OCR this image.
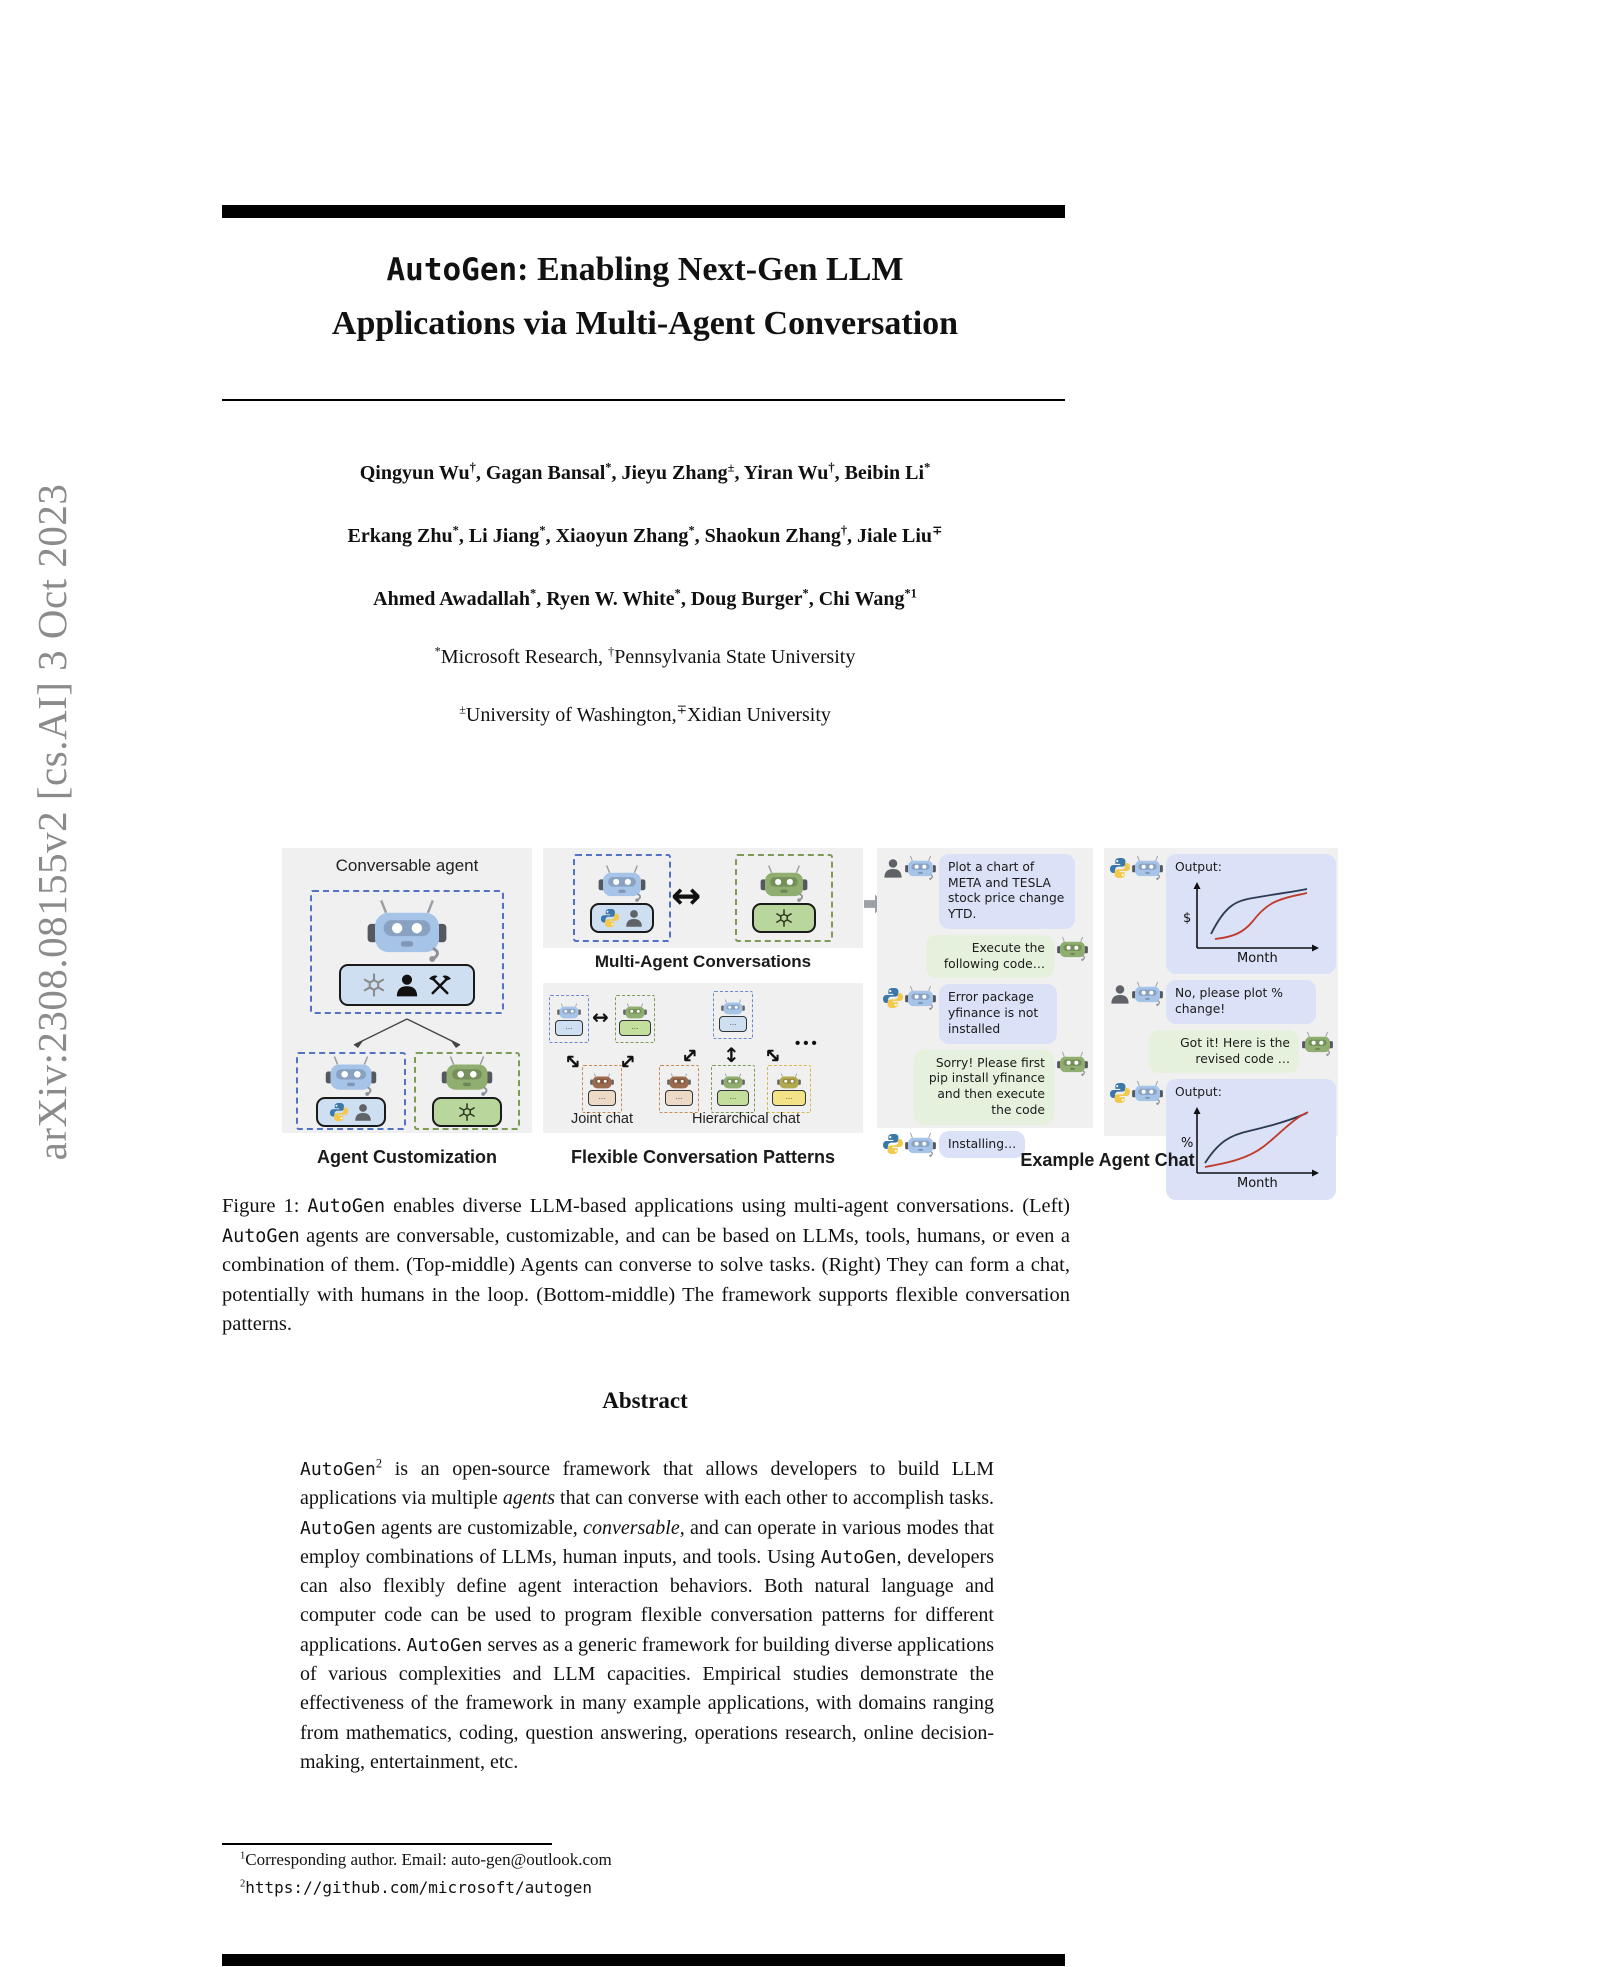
arXiv:2308.08155v2 [cs.AI] 3 Oct 2023
AutoGen: Enabling Next-Gen LLM
Applications via Multi-Agent Conversation

Qingyun Wu†, Gagan Bansal*, Jieyu Zhang±, Yiran Wu†, Beibin Li*

Erkang Zhu*, Li Jiang*, Xiaoyun Zhang*, Shaokun Zhang†, Jiale Liu∓

Ahmed Awadallah*, Ryen W. White*, Doug Burger*, Chi Wang$^{*1}$

*Microsoft Research, †Pennsylvania State University

±University of Washington,∓Xidian University

Conversable agent
Agent Customization
↔
Multi-Agent Conversations
... ↔	...
↔ ↔
...
Joint chat
...
↔ ↕ ↔
...	...	...
Hierarchical chat
•••
Flexible Conversation Patterns
Plot a chart of META and TESLA stock price change YTD.
Execute the following code…
Error package yfinance is not installed
Sorry! Please first pip install yfinance and then execute the code
Installing…
Output:
$
Month
No, please plot % change!
Got it! Here is the revised code …
Output:
%
Month
Example Agent Chat

Figure 1: AutoGen enables diverse LLM-based applications using multi-agent conversations. (Left) AutoGen agents are conversable, customizable, and can be based on LLMs, tools, humans, or even a combination of them. (Top-middle) Agents can converse to solve tasks. (Right) They can form a chat, potentially with humans in the loop. (Bottom-middle) The framework supports flexible conversation patterns.

Abstract

AutoGen$^2$ is an open-source framework that allows developers to build LLM applications via multiple agents that can converse with each other to accomplish tasks. AutoGen agents are customizable, conversable, and can operate in various modes that employ combinations of LLMs, human inputs, and tools. Using AutoGen, developers can also flexibly define agent interaction behaviors. Both natural language and computer code can be used to program flexible conversation patterns for different applications. AutoGen serves as a generic framework for building diverse applications of various complexities and LLM capacities. Empirical studies demonstrate the effectiveness of the framework in many example applications, with domains ranging from mathematics, coding, question answering, operations research, online decision-making, entertainment, etc.

$^1$Corresponding author. Email: auto-gen@outlook.com

$^2$https://github.com/microsoft/autogen
